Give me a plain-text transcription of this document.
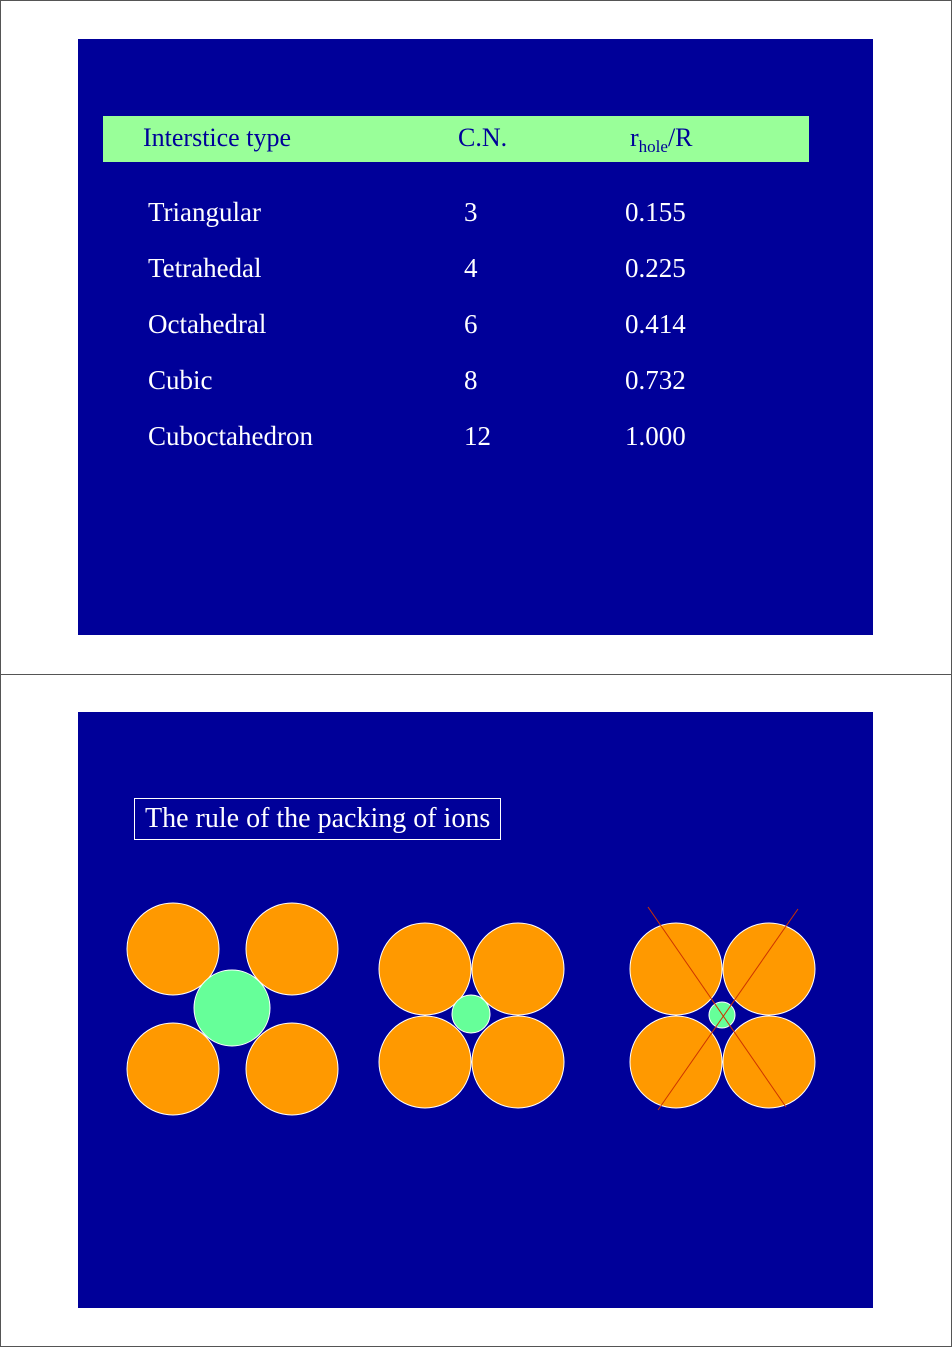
Interstice type	C.N.	$r_{hole}/R$
Triangular	3	0.155
Tetrahedal	4	0.225
Octahedral	6	0.414
Cubic	8	0.732
Cuboctahedron	12	1.000
The rule of the packing of ions
